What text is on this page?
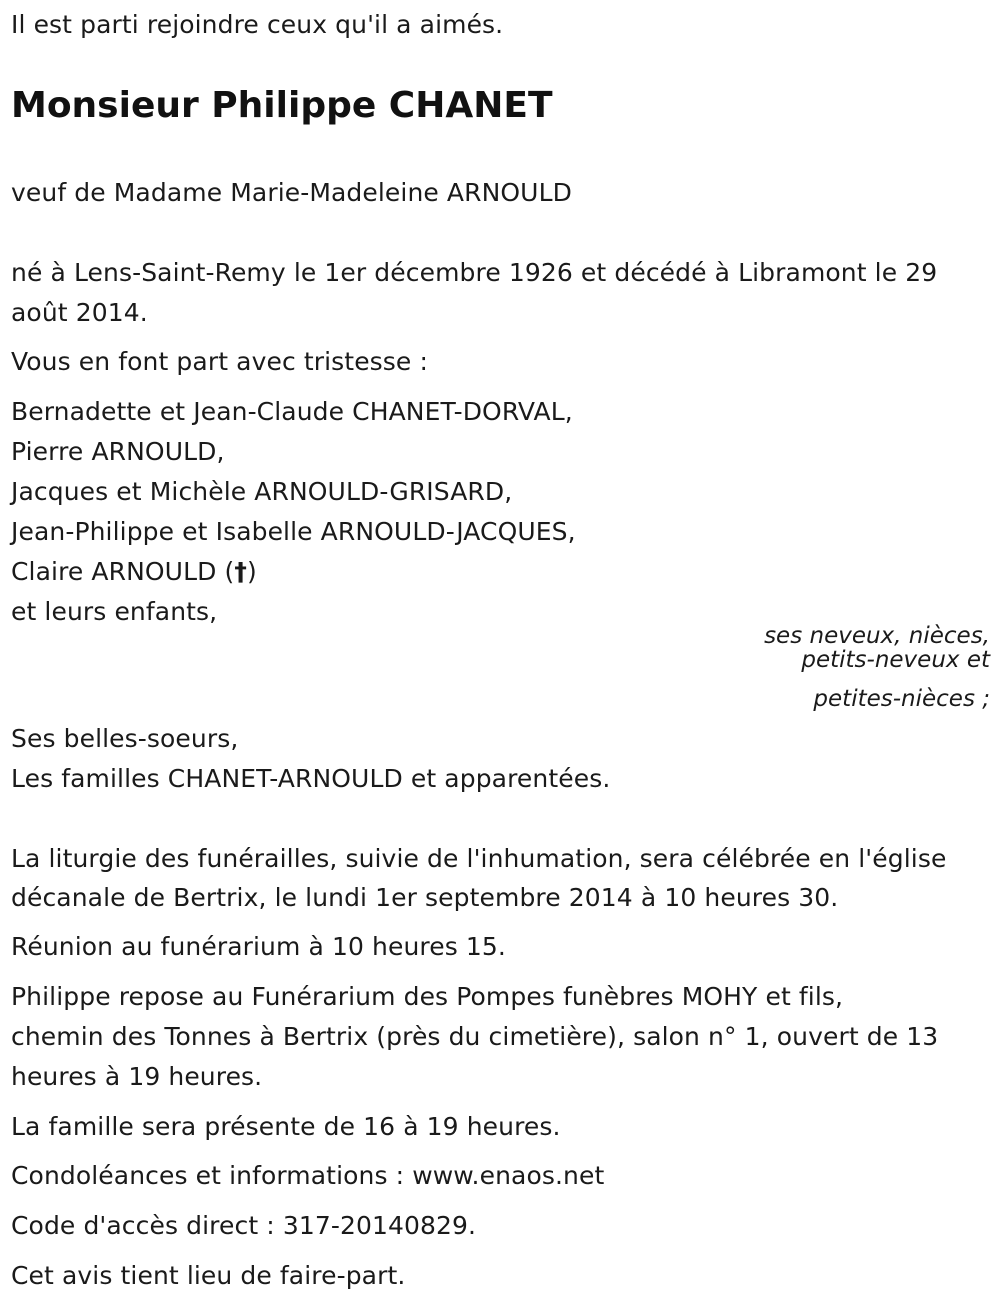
Il est parti rejoindre ceux qu'il a aimés.

Monsieur Philippe CHANET

veuf de Madame Marie-Madeleine ARNOULD

né à Lens-Saint-Remy le 1er décembre 1926 et décédé à Libramont le 29

août 2014.

Vous en font part avec tristesse :

Bernadette et Jean-Claude CHANET-DORVAL,

Pierre ARNOULD,

Jacques et Michèle ARNOULD-GRISARD,

Jean-Philippe et Isabelle ARNOULD-JACQUES,

Claire ARNOULD (†)

et leurs enfants,

ses neveux, nièces,

petits-neveux et

petites-nièces ;

Ses belles-soeurs,

Les familles CHANET-ARNOULD et apparentées.

La liturgie des funérailles, suivie de l'inhumation, sera célébrée en l'église

décanale de Bertrix, le lundi 1er septembre 2014 à 10 heures 30.

Réunion au funérarium à 10 heures 15.

Philippe repose au Funérarium des Pompes funèbres MOHY et fils,

chemin des Tonnes à Bertrix (près du cimetière), salon n° 1, ouvert de 13

heures à 19 heures.

La famille sera présente de 16 à 19 heures.

Condoléances et informations : www.enaos.net

Code d'accès direct : 317-20140829.

Cet avis tient lieu de faire-part.
